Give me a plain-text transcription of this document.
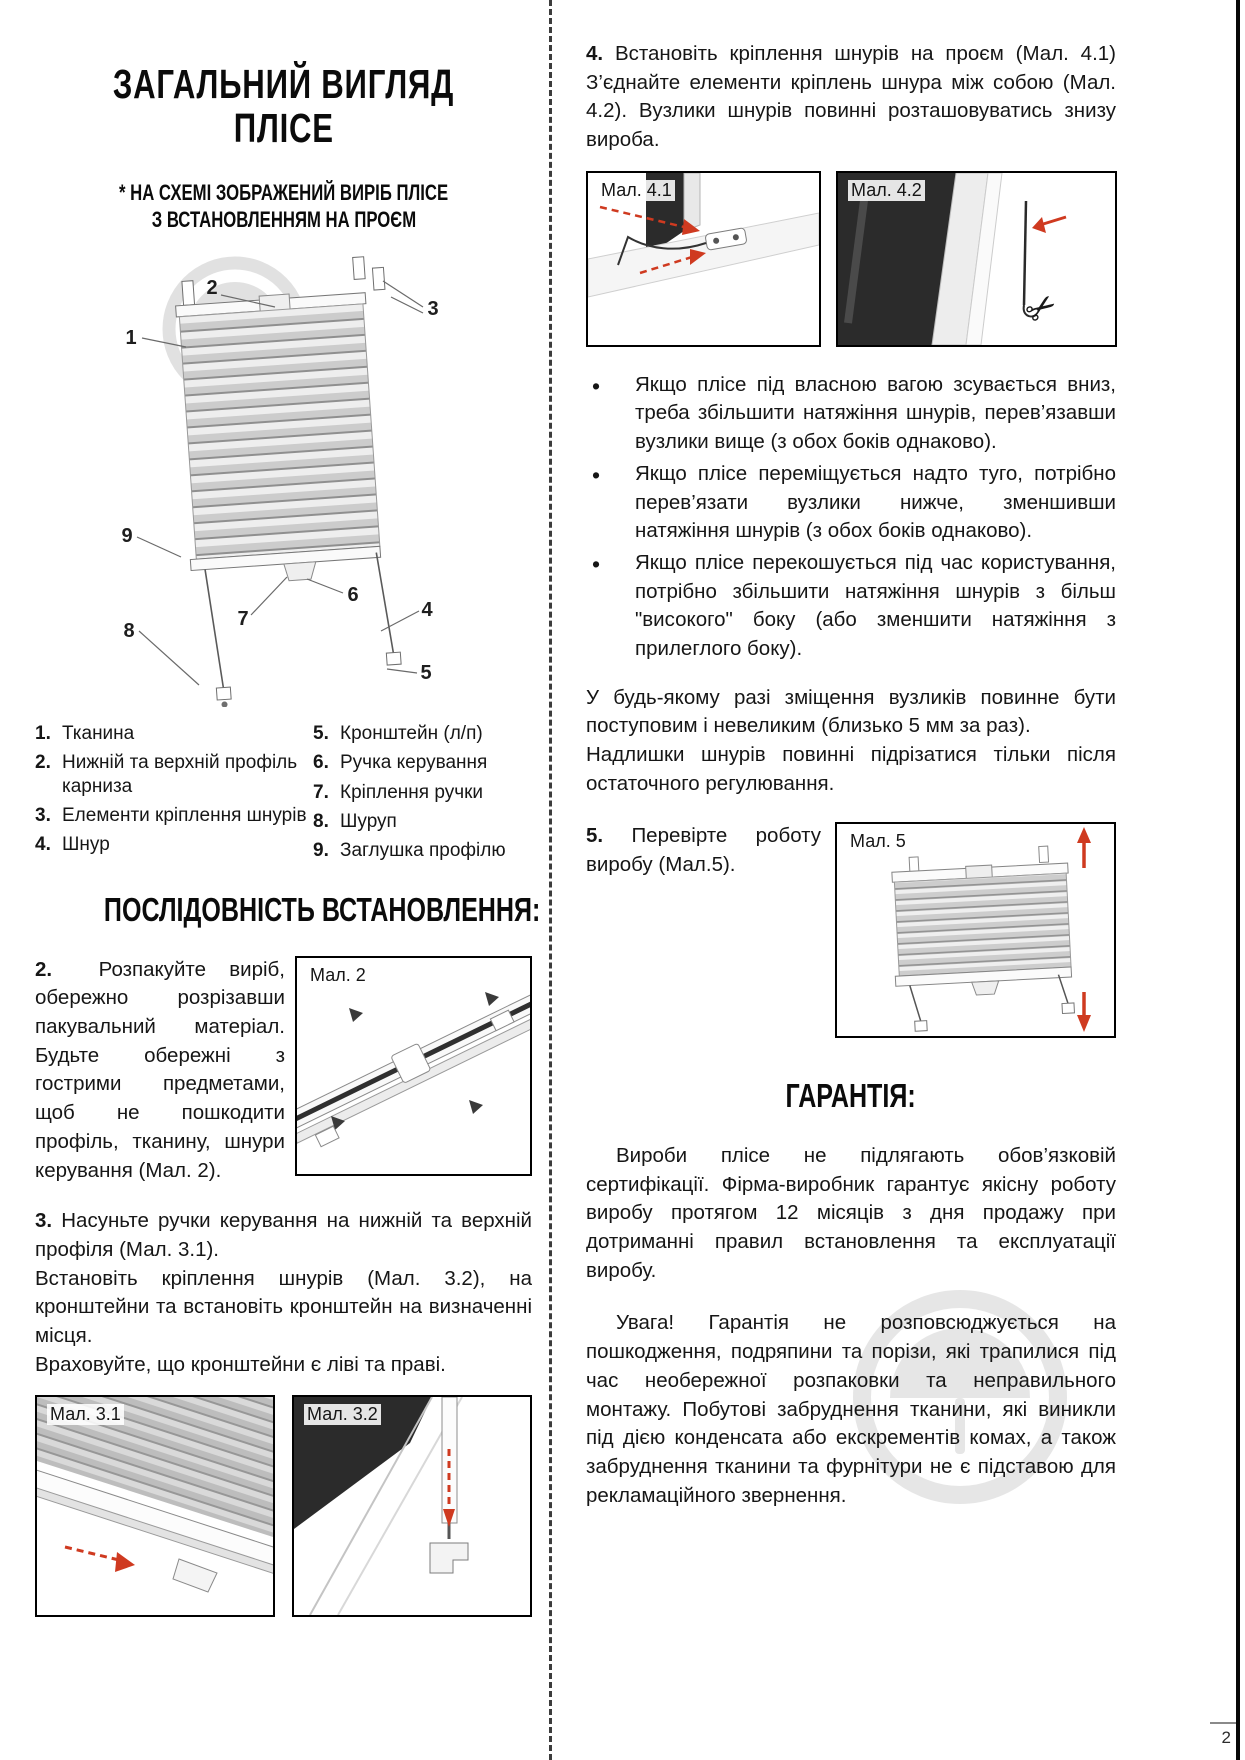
ЗАГАЛЬНИЙ ВИГЛЯД
ПЛІСЕ
* НА СХЕМІ ЗОБРАЖЕНИЙ ВИРІБ ПЛІСЕ
З ВСТАНОВЛЕННЯМ НА ПРОЄМ
1
2
3
4
5
6
7
8
9
1. Тканина
2. Нижній та верхній профіль карниза
3. Елементи кріплення шнурів
4. Шнур
5. Кронштейн (л/п)
6. Ручка керування
7. Кріплення ручки
8. Шуруп
9. Заглушка профілю
ПОСЛІДОВНІСТЬ ВСТАНОВЛЕННЯ:

2. Розпакуйте виріб, обережно розрізавши пакувальний матеріал. Будьте обережні з гострими предметами, щоб не пошкодити профіль, тканину, шнури керування (Мал. 2).

Мал. 2

3. Насуньте ручки керування на нижній та верхній профіля (Мал. 3.1).

Встановіть кріплення шнурів (Мал. 3.2), на кронштейни та встановіть кронштейн на визначенні місця.

Враховуйте, що кронштейни є ліві та праві.

Мал. 3.1	Мал. 3.2

4. Встановіть кріплення шнурів на проєм (Мал. 4.1) З’єднайте елементи кріплень шнура між собою (Мал. 4.2). Вузлики шнурів повинні розташовуватись знизу вироба.

Мал. 4.1	Мал. 4.2
✂
• Якщо плісе під власною вагою зсувається вниз, треба збільшити натяжіння шнурів, перев’язавши вузлики вище (з обох боків однаково).
• Якщо плісе переміщується надто туго, потрібно перев’язати вузлики нижче, зменшивши натяжіння шнурів (з обох боків однаково).
• Якщо плісе перекошується під час користування, потрібно збільшити натяжіння шнурів з більш "високого" боку (або зменшити натяжіння з прилеглого боку).

У будь-якому разі зміщення вузликів повинне бути поступовим і невеликим (близько 5 мм за раз).

Надлишки шнурів повинні підрізатися тільки після остаточного регулювання.

5. Перевірте роботу виробу (Мал.5).

Мал. 5
ГАРАНТІЯ:

Вироби плісе не підлягають обов’язковій сертифікації. Фірма-виробник гарантує якісну роботу виробу протягом 12 місяців з дня продажу при дотриманні правил встановлення та експлуатації виробу.

Увага! Гарантія не розповсюджується на пошкодження, подряпини та порізи, які трапилися під час необережної розпаковки та неправильного монтажу. Побутові забруднення тканини, які виникли під дією конденсата або екскрементів комах, а також забруднення тканини та фурнітури не є підставою для рекламаційного звернення.

2
